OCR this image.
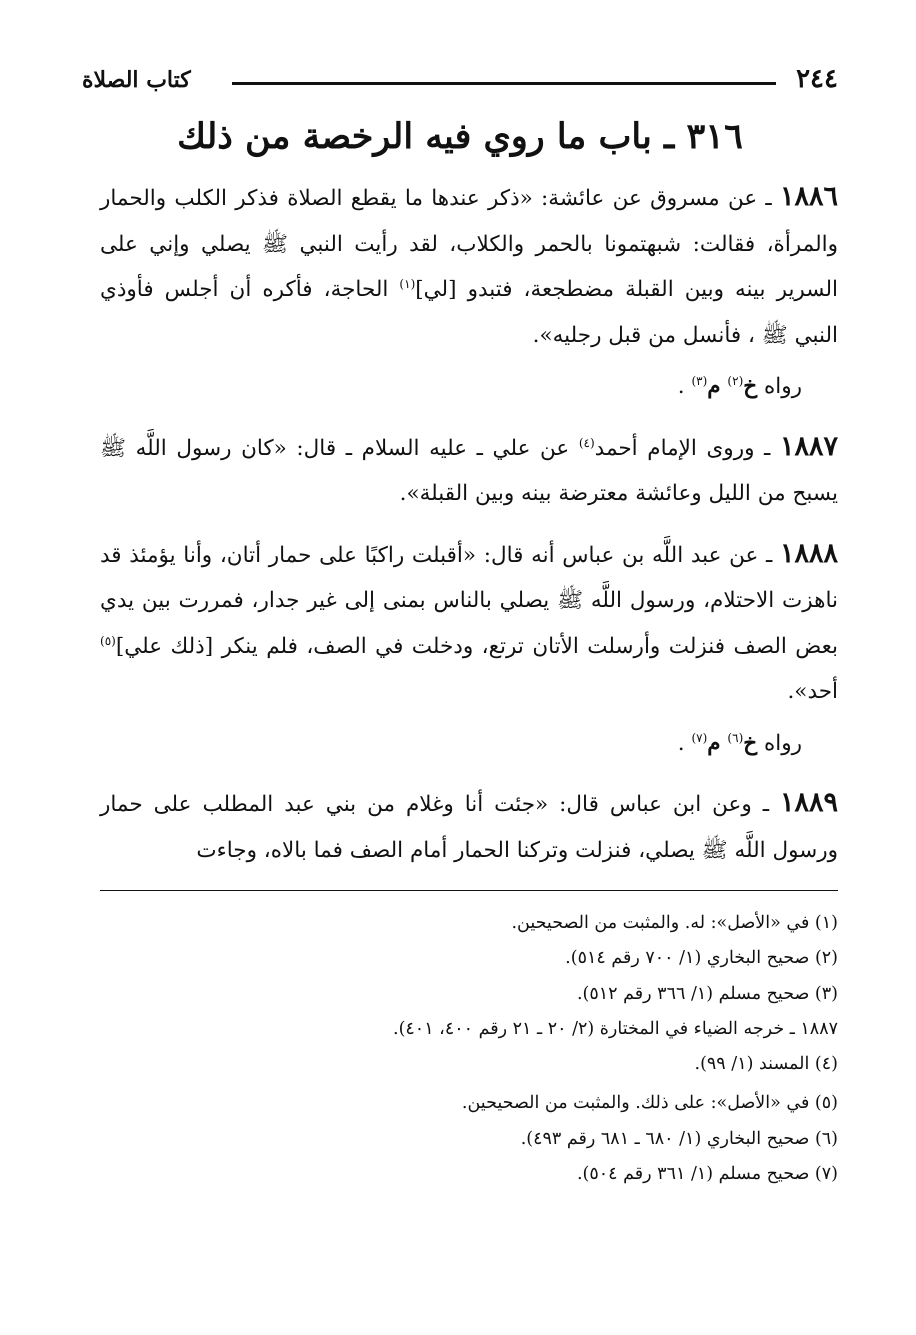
٢٤٤
كتاب الصلاة
٣١٦ ـ باب ما روي فيه الرخصة من ذلك

١٨٨٦ ـ عن مسروق عن عائشة: «ذكر عندها ما يقطع الصلاة فذكر الكلب والحمار والمرأة، فقالت: شبهتمونا بالحمر والكلاب، لقد رأيت النبي ﷺ يصلي وإني على السرير بينه وبين القبلة مضطجعة، فتبدو [لي]$^{(١)}$ الحاجة، فأكره أن أجلس فأوذي النبي ﷺ ، فأنسل من قبل رجليه».

رواه خ$^{(٢)}$ م$^{(٣)}$ .

١٨٨٧ ـ وروى الإمام أحمد$^{(٤)}$ عن علي ـ عليه السلام ـ قال: «كان رسول اللَّه ﷺ يسبح من الليل وعائشة معترضة بينه وبين القبلة».

١٨٨٨ ـ عن عبد اللَّه بن عباس أنه قال: «أقبلت راكبًا على حمار أتان، وأنا يؤمئذ قد ناهزت الاحتلام، ورسول اللَّه ﷺ يصلي بالناس بمنى إلى غير جدار، فمررت بين يدي بعض الصف فنزلت وأرسلت الأتان ترتع، ودخلت في الصف، فلم ينكر [ذلك علي]$^{(٥)}$ أحد».

رواه خ$^{(٦)}$ م$^{(٧)}$ .

١٨٨٩ ـ وعن ابن عباس قال: «جئت أنا وغلام من بني عبد المطلب على حمار ورسول اللَّه ﷺ يصلي، فنزلت وتركنا الحمار أمام الصف فما بالاه، وجاءت

(١) في «الأصل»: له. والمثبت من الصحيحين.
(٢) صحيح البخاري (١/ ٧٠٠ رقم ٥١٤).
(٣) صحيح مسلم (١/ ٣٦٦ رقم ٥١٢).
١٨٨٧ ـ خرجه الضياء في المختارة (٢/ ٢٠ ـ ٢١ رقم ٤٠٠، ٤٠١).
(٤) المسند (١/ ٩٩).
(٥) في «الأصل»: على ذلك. والمثبت من الصحيحين.
(٦) صحيح البخاري (١/ ٦٨٠ ـ ٦٨١ رقم ٤٩٣).
(٧) صحيح مسلم (١/ ٣٦١ رقم ٥٠٤).
